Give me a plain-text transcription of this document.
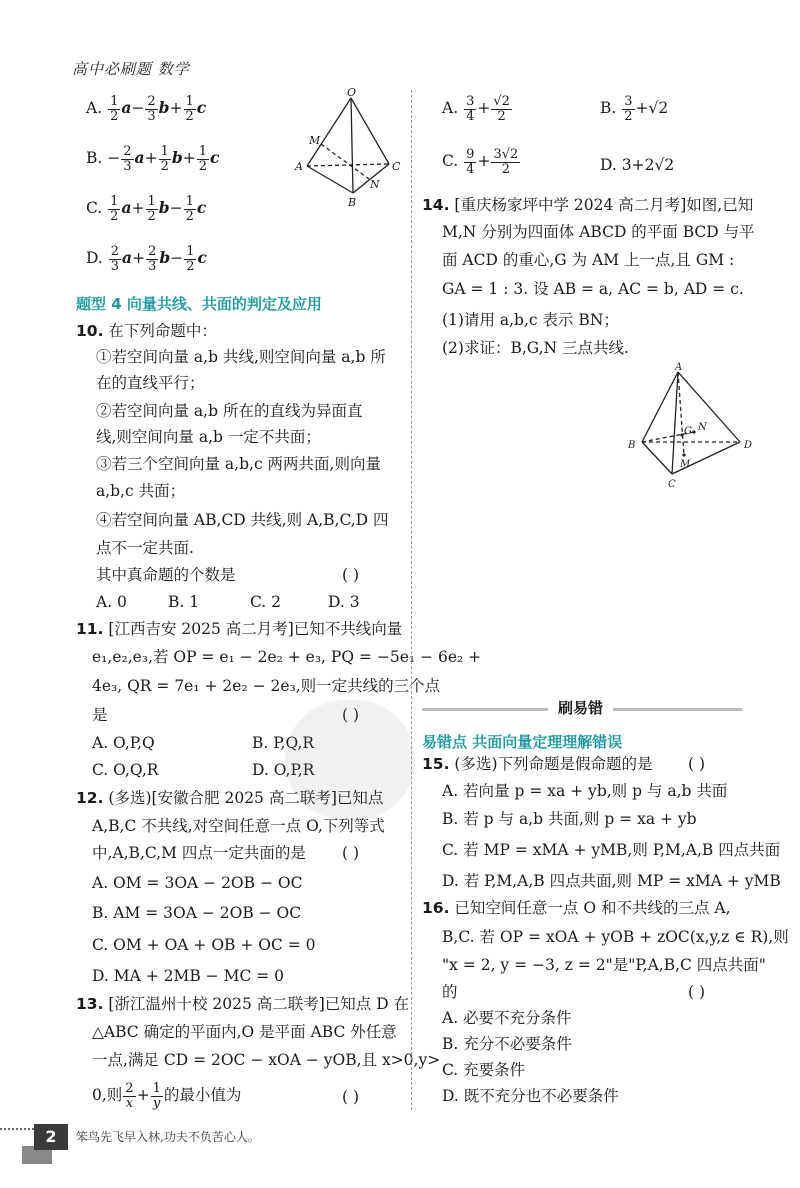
高中必刷题 数学
A. $\frac{1}{2} a- \frac{2}{3} b+ \frac{1}{2}$ c
B. − $\frac{2}{3} a+ \frac{1}{2} b+ \frac{1}{2}$ c
C. $\frac{1}{2} a+ \frac{1}{2} b- \frac{1}{2}$ c
D. $\frac{2}{3} a+ \frac{2}{3} b- \frac{1}{2}$ c
O
M
A
B
C
N
题型 4 向量共线、共面的判定及应用
10. 在下列命题中：
①若空间向量 a,b 共线,则空间向量 a,b 所
在的直线平行；
②若空间向量 a,b 所在的直线为异面直
线,则空间向量 a,b 一定不共面；
③若三个空间向量 a,b,c 两两共面,则向量
a,b,c 共面；
④若空间向量 AB,CD 共线,则 A,B,C,D 四
点不一定共面.
其中真命题的个数是	( )
A. 0	B. 1	C. 2	D. 3
11. [江西吉安 2025 高二月考]已知不共线向量
e₁,e₂,e₃,若 OP = e₁ − 2e₂ + e₃, PQ = −5e₁ − 6e₂ +
4e₃, QR = 7e₁ + 2e₂ − 2e₃,则一定共线的三个点
是	( )
A. O,P,Q	B. P,Q,R
C. O,Q,R	D. O,P,R
12. (多选)[安徽合肥 2025 高二联考]已知点
A,B,C 不共线,对空间任意一点 O,下列等式
中,A,B,C,M 四点一定共面的是 ( )
A. OM = 3OA − 2OB − OC
B. AM = 3OA − 2OB − OC
C. OM + OA + OB + OC = 0
D. MA + 2MB − MC = 0
13. [浙江温州十校 2025 高二联考]已知点 D 在
△ABC 确定的平面内,O 是平面 ABC 外任意
一点,满足 CD = 2OC − xOA − yOB,且 x>0,y>
0,则 $\frac{2}{x} + \frac{1}{y}$ 的最小值为	( )
A. $\frac{3}{4} + \frac{√2}{2}$	B. $\frac{3}{2} +√2$
C. $\frac{9}{4} + \frac{3√2}{2}$	D. 3+2√2
14. [重庆杨家坪中学 2024 高二月考]如图,已知
M,N 分别为四面体 ABCD 的平面 BCD 与平
面 ACD 的重心,G 为 AM 上一点,且 GM :
GA = 1 : 3. 设 AB = a, AC = b, AD = c.
(1)请用 a,b,c 表示 BN；
(2)求证：B,G,N 三点共线.
A
B
C
D
G N
M
刷易错
易错点 共面向量定理理解错误
15. (多选)下列命题是假命题的是 ( )
A. 若向量 p = xa + yb,则 p 与 a,b 共面
B. 若 p 与 a,b 共面,则 p = xa + yb
C. 若 MP = xMA + yMB,则 P,M,A,B 四点共面
D. 若 P,M,A,B 四点共面,则 MP = xMA + yMB
16. 已知空间任意一点 O 和不共线的三点 A,
B,C. 若 OP = xOA + yOB + zOC(x,y,z ∈ R),则
"x = 2, y = −3, z = 2"是"P,A,B,C 四点共面"
的	( )
A. 必要不充分条件
B. 充分不必要条件
C. 充要条件
D. 既不充分也不必要条件
2	笨鸟先飞早入林,功夫不负苦心人。
